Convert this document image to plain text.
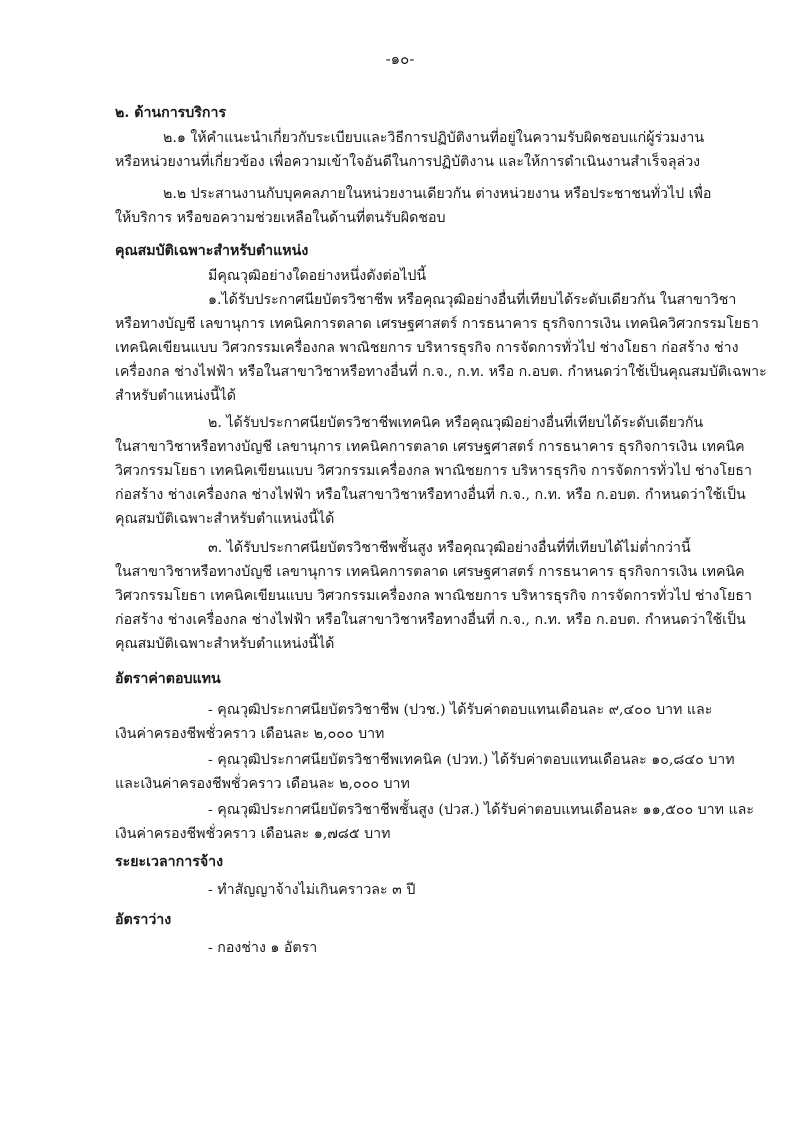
-๑๐-
๒. ด้านการบริการ
๒.๑ ให้คำแนะนำเกี่ยวกับระเบียบและวิธีการปฏิบัติงานที่อยู่ในความรับผิดชอบแก่ผู้ร่วมงาน
หรือหน่วยงานที่เกี่ยวข้อง เพื่อความเข้าใจอันดีในการปฏิบัติงาน และให้การดำเนินงานสำเร็จลุล่วง
๒.๒ ประสานงานกับบุคคลภายในหน่วยงานเดียวกัน ต่างหน่วยงาน หรือประชาชนทั่วไป เพื่อ
ให้บริการ หรือขอความช่วยเหลือในด้านที่ตนรับผิดชอบ
คุณสมบัติเฉพาะสำหรับตำแหน่ง
มีคุณวุฒิอย่างใดอย่างหนึ่งดังต่อไปนี้
๑.ได้รับประกาศนียบัตรวิชาชีพ หรือคุณวุฒิอย่างอื่นที่เทียบได้ระดับเดียวกัน ในสาขาวิชา
หรือทางบัญชี เลขานุการ เทคนิคการตลาด เศรษฐศาสตร์ การธนาคาร ธุรกิจการเงิน เทคนิควิศวกรรมโยธา
เทคนิคเขียนแบบ วิศวกรรมเครื่องกล พาณิชยการ บริหารธุรกิจ การจัดการทั่วไป ช่างโยธา ก่อสร้าง ช่าง
เครื่องกล ช่างไฟฟ้า หรือในสาขาวิชาหรือทางอื่นที่ ก.จ., ก.ท. หรือ ก.อบต. กำหนดว่าใช้เป็นคุณสมบัติเฉพาะ
สำหรับตำแหน่งนี้ได้
๒. ได้รับประกาศนียบัตรวิชาชีพเทคนิค หรือคุณวุฒิอย่างอื่นที่เทียบได้ระดับเดียวกัน
ในสาขาวิชาหรือทางบัญชี เลขานุการ เทคนิคการตลาด เศรษฐศาสตร์ การธนาคาร ธุรกิจการเงิน เทคนิค
วิศวกรรมโยธา เทคนิคเขียนแบบ วิศวกรรมเครื่องกล พาณิชยการ บริหารธุรกิจ การจัดการทั่วไป ช่างโยธา
ก่อสร้าง ช่างเครื่องกล ช่างไฟฟ้า หรือในสาขาวิชาหรือทางอื่นที่ ก.จ., ก.ท. หรือ ก.อบต. กำหนดว่าใช้เป็น
คุณสมบัติเฉพาะสำหรับตำแหน่งนี้ได้
๓. ได้รับประกาศนียบัตรวิชาชีพชั้นสูง หรือคุณวุฒิอย่างอื่นที่ที่เทียบได้ไม่ต่ำกว่านี้
ในสาขาวิชาหรือทางบัญชี เลขานุการ เทคนิคการตลาด เศรษฐศาสตร์ การธนาคาร ธุรกิจการเงิน เทคนิค
วิศวกรรมโยธา เทคนิคเขียนแบบ วิศวกรรมเครื่องกล พาณิชยการ บริหารธุรกิจ การจัดการทั่วไป ช่างโยธา
ก่อสร้าง ช่างเครื่องกล ช่างไฟฟ้า หรือในสาขาวิชาหรือทางอื่นที่ ก.จ., ก.ท. หรือ ก.อบต. กำหนดว่าใช้เป็น
คุณสมบัติเฉพาะสำหรับตำแหน่งนี้ได้
อัตราค่าตอบแทน
- คุณวุฒิประกาศนียบัตรวิชาชีพ (ปวช.) ได้รับค่าตอบแทนเดือนละ ๙,๔๐๐ บาท และ
เงินค่าครองชีพชั่วคราว เดือนละ ๒,๐๐๐ บาท
- คุณวุฒิประกาศนียบัตรวิชาชีพเทคนิค (ปวท.) ได้รับค่าตอบแทนเดือนละ ๑๐,๘๔๐ บาท
และเงินค่าครองชีพชั่วคราว เดือนละ ๒,๐๐๐ บาท
- คุณวุฒิประกาศนียบัตรวิชาชีพชั้นสูง (ปวส.) ได้รับค่าตอบแทนเดือนละ ๑๑,๕๐๐ บาท และ
เงินค่าครองชีพชั่วคราว เดือนละ ๑,๗๘๕ บาท
ระยะเวลาการจ้าง
- ทำสัญญาจ้างไม่เกินคราวละ ๓ ปี
อัตราว่าง
- กองช่าง ๑ อัตรา
